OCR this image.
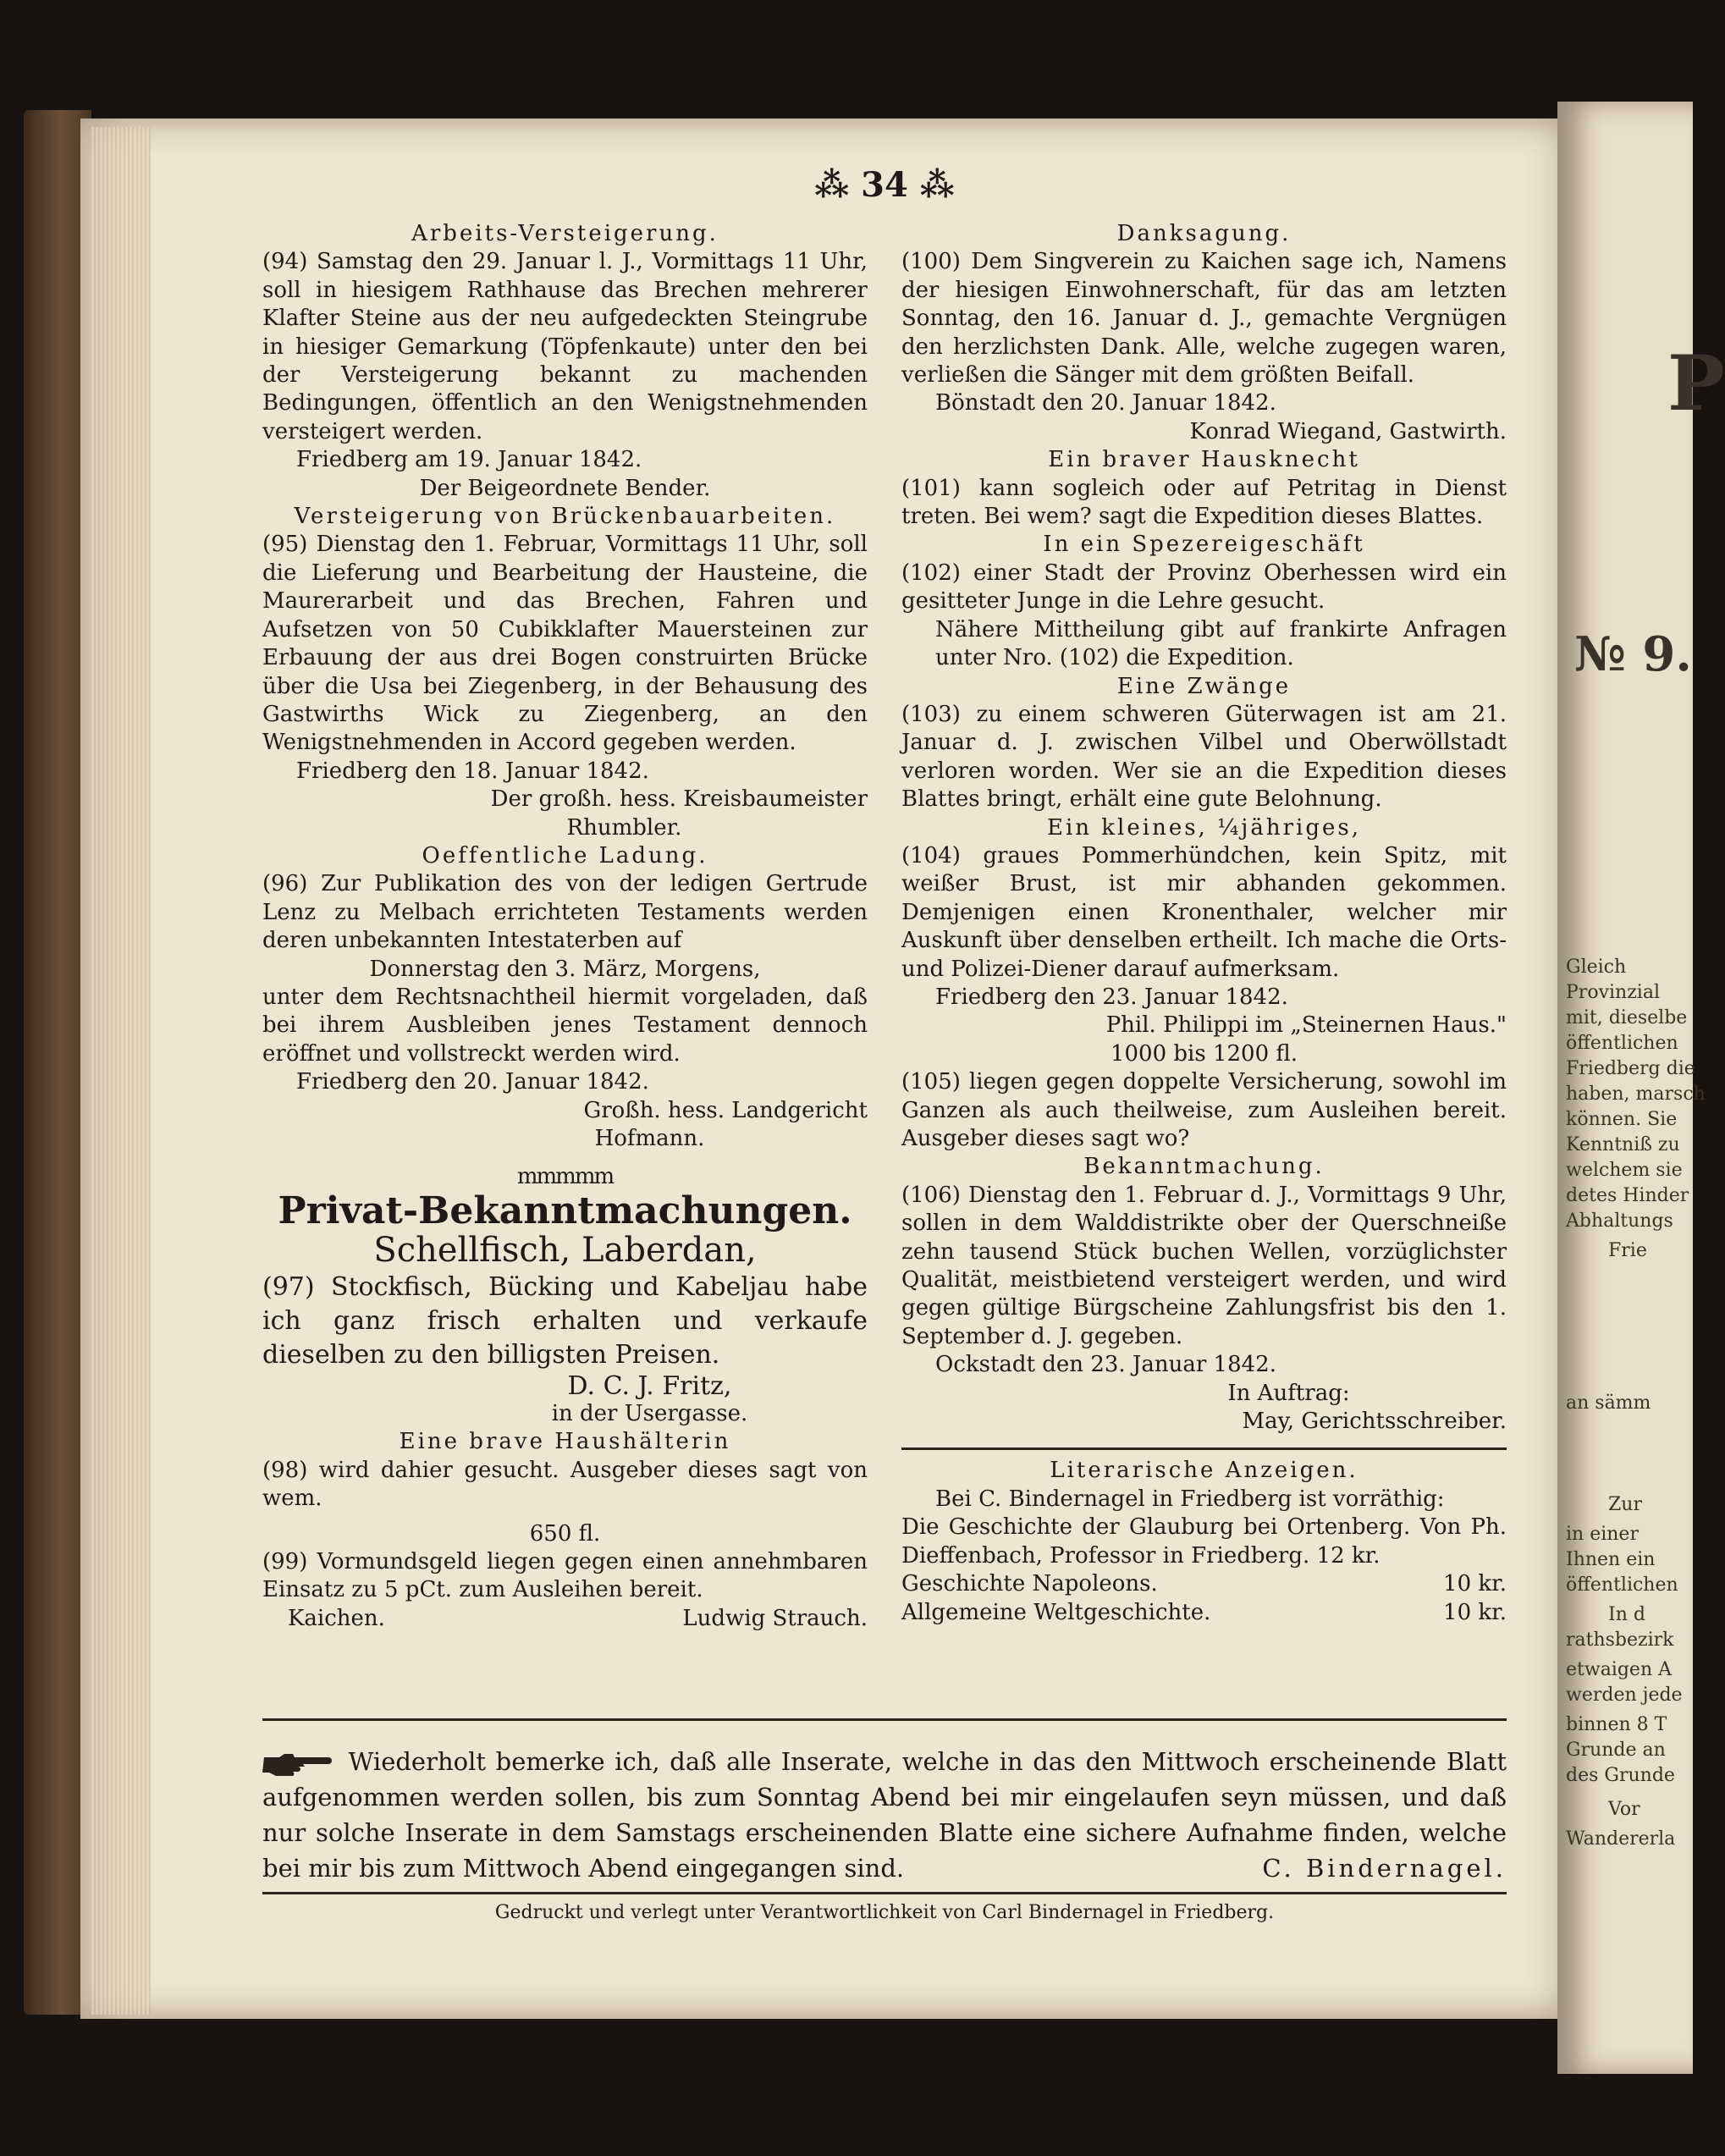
P
№ 9.
Gleich
Provinzial
mit, dieselbe
öffentlichen
Friedberg die
haben, marsch
können. Sie
Kenntniß zu
welchem sie
detes Hinder
Abhaltungs
Frie
an sämm
Zur
in einer
Ihnen ein
öffentlichen
In d
rathsbezirk
etwaigen A
werden jede
binnen 8 T
Grunde an
des Grunde
Vor
Wandererla
⁂ 34 ⁂
Arbeits-Versteigerung.
(94) Samstag den 29. Januar l. J., Vormittags 11 Uhr, soll in hiesigem Rathhause das Brechen mehrerer Klafter Steine aus der neu aufgedeckten Steingrube in hiesiger Gemarkung (Töpfenkaute) unter den bei der Versteigerung bekannt zu machenden Bedingungen, öffentlich an den Wenigstnehmenden versteigert werden.
Friedberg am 19. Januar 1842.
Der Beigeordnete Bender.
Versteigerung von Brückenbauarbeiten.
(95) Dienstag den 1. Februar, Vormittags 11 Uhr, soll die Lieferung und Bearbeitung der Hausteine, die Maurerarbeit und das Brechen, Fahren und Aufsetzen von 50 Cubikklafter Mauersteinen zur Erbauung der aus drei Bogen construirten Brücke über die Usa bei Ziegenberg, in der Behausung des Gastwirths Wick zu Ziegenberg, an den Wenigstnehmenden in Accord gegeben werden.
Friedberg den 18. Januar 1842.
Der großh. hess. Kreisbaumeister
Rhumbler.
Oeffentliche Ladung.
(96) Zur Publikation des von der ledigen Gertrude Lenz zu Melbach errichteten Testaments werden deren unbekannten Intestaterben auf
Donnerstag den 3. März, Morgens,
unter dem Rechtsnachtheil hiermit vorgeladen, daß bei ihrem Ausbleiben jenes Testament dennoch eröffnet und vollstreckt werden wird.
Friedberg den 20. Januar 1842.
Großh. hess. Landgericht
Hofmann.
mmmmm
Privat-Bekanntmachungen.
Schellfisch, Laberdan,
(97) Stockfisch, Bücking und Kabeljau habe ich ganz frisch erhalten und verkaufe dieselben zu den billigsten Preisen.
D. C. J. Fritz,
in der Usergasse.
Eine brave Haushälterin
(98) wird dahier gesucht. Ausgeber dieses sagt von wem.
650 fl.
(99) Vormundsgeld liegen gegen einen annehmbaren Einsatz zu 5 pCt. zum Ausleihen bereit.
Kaichen.	Ludwig Strauch.
Danksagung.
(100) Dem Singverein zu Kaichen sage ich, Namens der hiesigen Einwohnerschaft, für das am letzten Sonntag, den 16. Januar d. J., gemachte Vergnügen den herzlichsten Dank. Alle, welche zugegen waren, verließen die Sänger mit dem größten Beifall.
Bönstadt den 20. Januar 1842.
Konrad Wiegand, Gastwirth.
Ein braver Hausknecht
(101) kann sogleich oder auf Petritag in Dienst treten. Bei wem? sagt die Expedition dieses Blattes.
In ein Spezereigeschäft
(102) einer Stadt der Provinz Oberhessen wird ein gesitteter Junge in die Lehre gesucht.
Nähere Mittheilung gibt auf frankirte Anfragen unter Nro. (102) die Expedition.
Eine Zwänge
(103) zu einem schweren Güterwagen ist am 21. Januar d. J. zwischen Vilbel und Oberwöllstadt verloren worden. Wer sie an die Expedition dieses Blattes bringt, erhält eine gute Belohnung.
Ein kleines, ¼jähriges,
(104) graues Pommerhündchen, kein Spitz, mit weißer Brust, ist mir abhanden gekommen. Demjenigen einen Kronenthaler, welcher mir Auskunft über denselben ertheilt. Ich mache die Orts- und Polizei-Diener darauf aufmerksam.
Friedberg den 23. Januar 1842.
Phil. Philippi im „Steinernen Haus."
1000 bis 1200 fl.
(105) liegen gegen doppelte Versicherung, sowohl im Ganzen als auch theilweise, zum Ausleihen bereit. Ausgeber dieses sagt wo?
Bekanntmachung.
(106) Dienstag den 1. Februar d. J., Vormittags 9 Uhr, sollen in dem Walddistrikte ober der Querschneiße zehn tausend Stück buchen Wellen, vorzüglichster Qualität, meistbietend versteigert werden, und wird gegen gültige Bürgscheine Zahlungsfrist bis den 1. September d. J. gegeben.
Ockstadt den 23. Januar 1842.
In Auftrag:
May, Gerichtsschreiber.
Literarische Anzeigen.
Bei C. Bindernagel in Friedberg ist vorräthig:
Die Geschichte der Glauburg bei Ortenberg. Von Ph. Dieffenbach, Professor in Friedberg. 12 kr.
Geschichte Napoleons.	10 kr.
Allgemeine Weltgeschichte.	10 kr.
Wiederholt bemerke ich, daß alle Inserate, welche in das den Mittwoch erscheinende Blatt aufgenommen werden sollen, bis zum Sonntag Abend bei mir eingelaufen seyn müssen, und daß nur solche Inserate in dem Samstags erscheinenden Blatte eine sichere Aufnahme finden, welche bei mir bis zum Mittwoch Abend eingegangen sind.	C. Bindernagel.
Gedruckt und verlegt unter Verantwortlichkeit von Carl Bindernagel in Friedberg.
